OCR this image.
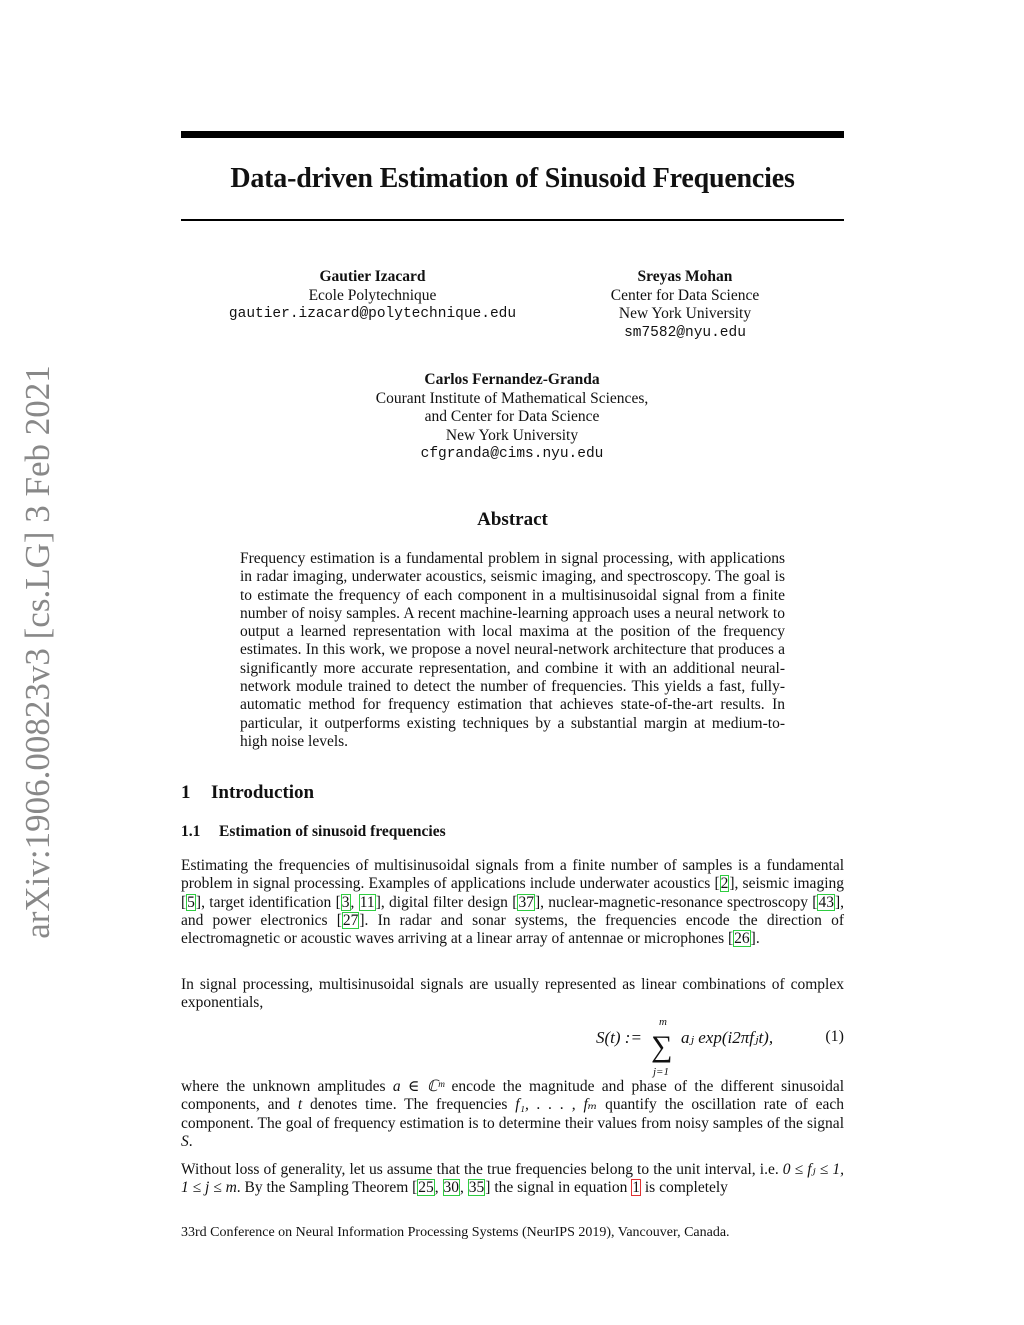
arXiv:1906.00823v3 [cs.LG] 3 Feb 2021
Data-driven Estimation of Sinusoid Frequencies
Gautier Izacard
Ecole Polytechnique
gautier.izacard@polytechnique.edu
Sreyas Mohan
Center for Data Science
New York University
sm7582@nyu.edu
Carlos Fernandez-Granda
Courant Institute of Mathematical Sciences,
and Center for Data Science
New York University
cfgranda@cims.nyu.edu
Abstract
Frequency estimation is a fundamental problem in signal processing, with applications in radar imaging, underwater acoustics, seismic imaging, and spectroscopy. The goal is to estimate the frequency of each component in a multisinusoidal signal from a finite number of noisy samples. A recent machine-learning approach uses a neural network to output a learned representation with local maxima at the position of the frequency estimates. In this work, we propose a novel neural-network architecture that produces a significantly more accurate representation, and combine it with an additional neural-network module trained to detect the number of frequencies. This yields a fast, fully-automatic method for frequency estimation that achieves state-of-the-art results. In particular, it outperforms existing techniques by a substantial margin at medium-to-high noise levels.
1 Introduction
1.1 Estimation of sinusoid frequencies
Estimating the frequencies of multisinusoidal signals from a finite number of samples is a fundamental problem in signal processing. Examples of applications include underwater acoustics [2], seismic imaging [5], target identification [3, 11], digital filter design [37], nuclear-magnetic-resonance spectroscopy [43], and power electronics [27]. In radar and sonar systems, the frequencies encode the direction of electromagnetic or acoustic waves arriving at a linear array of antennae or microphones [26].
In signal processing, multisinusoidal signals are usually represented as linear combinations of complex exponentials,
S(t) :=
m
∑
j=1
aⱼ exp(i2πfⱼt),	(1)
where the unknown amplitudes a ∈ ℂᵐ encode the magnitude and phase of the different sinusoidal components, and t denotes time. The frequencies f₁, . . . , fₘ quantify the oscillation rate of each component. The goal of frequency estimation is to determine their values from noisy samples of the signal S.
Without loss of generality, let us assume that the true frequencies belong to the unit interval, i.e. 0 ≤ fⱼ ≤ 1, 1 ≤ j ≤ m. By the Sampling Theorem [25, 30, 35] the signal in equation 1 is completely
33rd Conference on Neural Information Processing Systems (NeurIPS 2019), Vancouver, Canada.
